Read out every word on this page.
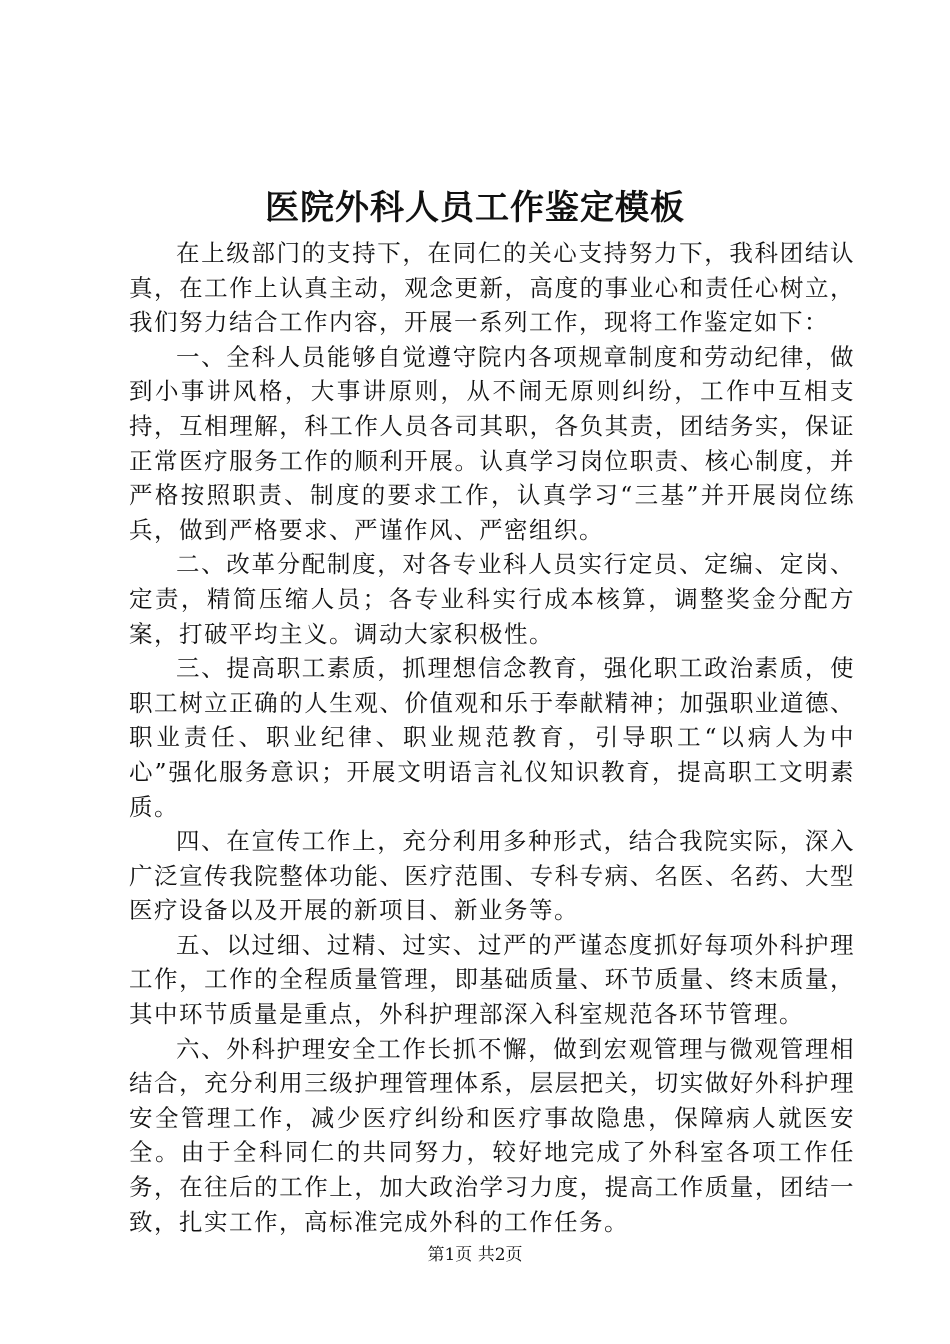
医院外科人员工作鉴定模板

在上级部门的支持下，在同仁的关心支持努力下，我科团结认真，在工作上认真主动，观念更新，高度的事业心和责任心树立，我们努力结合工作内容，开展一系列工作，现将工作鉴定如下：

一、全科人员能够自觉遵守院内各项规章制度和劳动纪律，做到小事讲风格，大事讲原则，从不闹无原则纠纷，工作中互相支持，互相理解，科工作人员各司其职，各负其责，团结务实，保证正常医疗服务工作的顺利开展。认真学习岗位职责、核心制度，并严格按照职责、制度的要求工作，认真学习“三基”并开展岗位练兵，做到严格要求、严谨作风、严密组织。

二、改革分配制度，对各专业科人员实行定员、定编、定岗、定责，精简压缩人员；各专业科实行成本核算，调整奖金分配方案，打破平均主义。调动大家积极性。

三、提高职工素质，抓理想信念教育，强化职工政治素质，使职工树立正确的人生观、价值观和乐于奉献精神；加强职业道德、职业责任、职业纪律、职业规范教育，引导职工“以病人为中心”强化服务意识；开展文明语言礼仪知识教育，提高职工文明素质。

四、在宣传工作上，充分利用多种形式，结合我院实际，深入广泛宣传我院整体功能、医疗范围、专科专病、名医、名药、大型医疗设备以及开展的新项目、新业务等。

五、以过细、过精、过实、过严的严谨态度抓好每项外科护理工作，工作的全程质量管理，即基础质量、环节质量、终末质量，其中环节质量是重点，外科护理部深入科室规范各环节管理。

六、外科护理安全工作长抓不懈，做到宏观管理与微观管理相结合，充分利用三级护理管理体系，层层把关，切实做好外科护理安全管理工作，减少医疗纠纷和医疗事故隐患，保障病人就医安全。由于全科同仁的共同努力，较好地完成了外科室各项工作任务，在往后的工作上，加大政治学习力度，提高工作质量，团结一致，扎实工作，高标准完成外科的工作任务。

第1页 共2页
